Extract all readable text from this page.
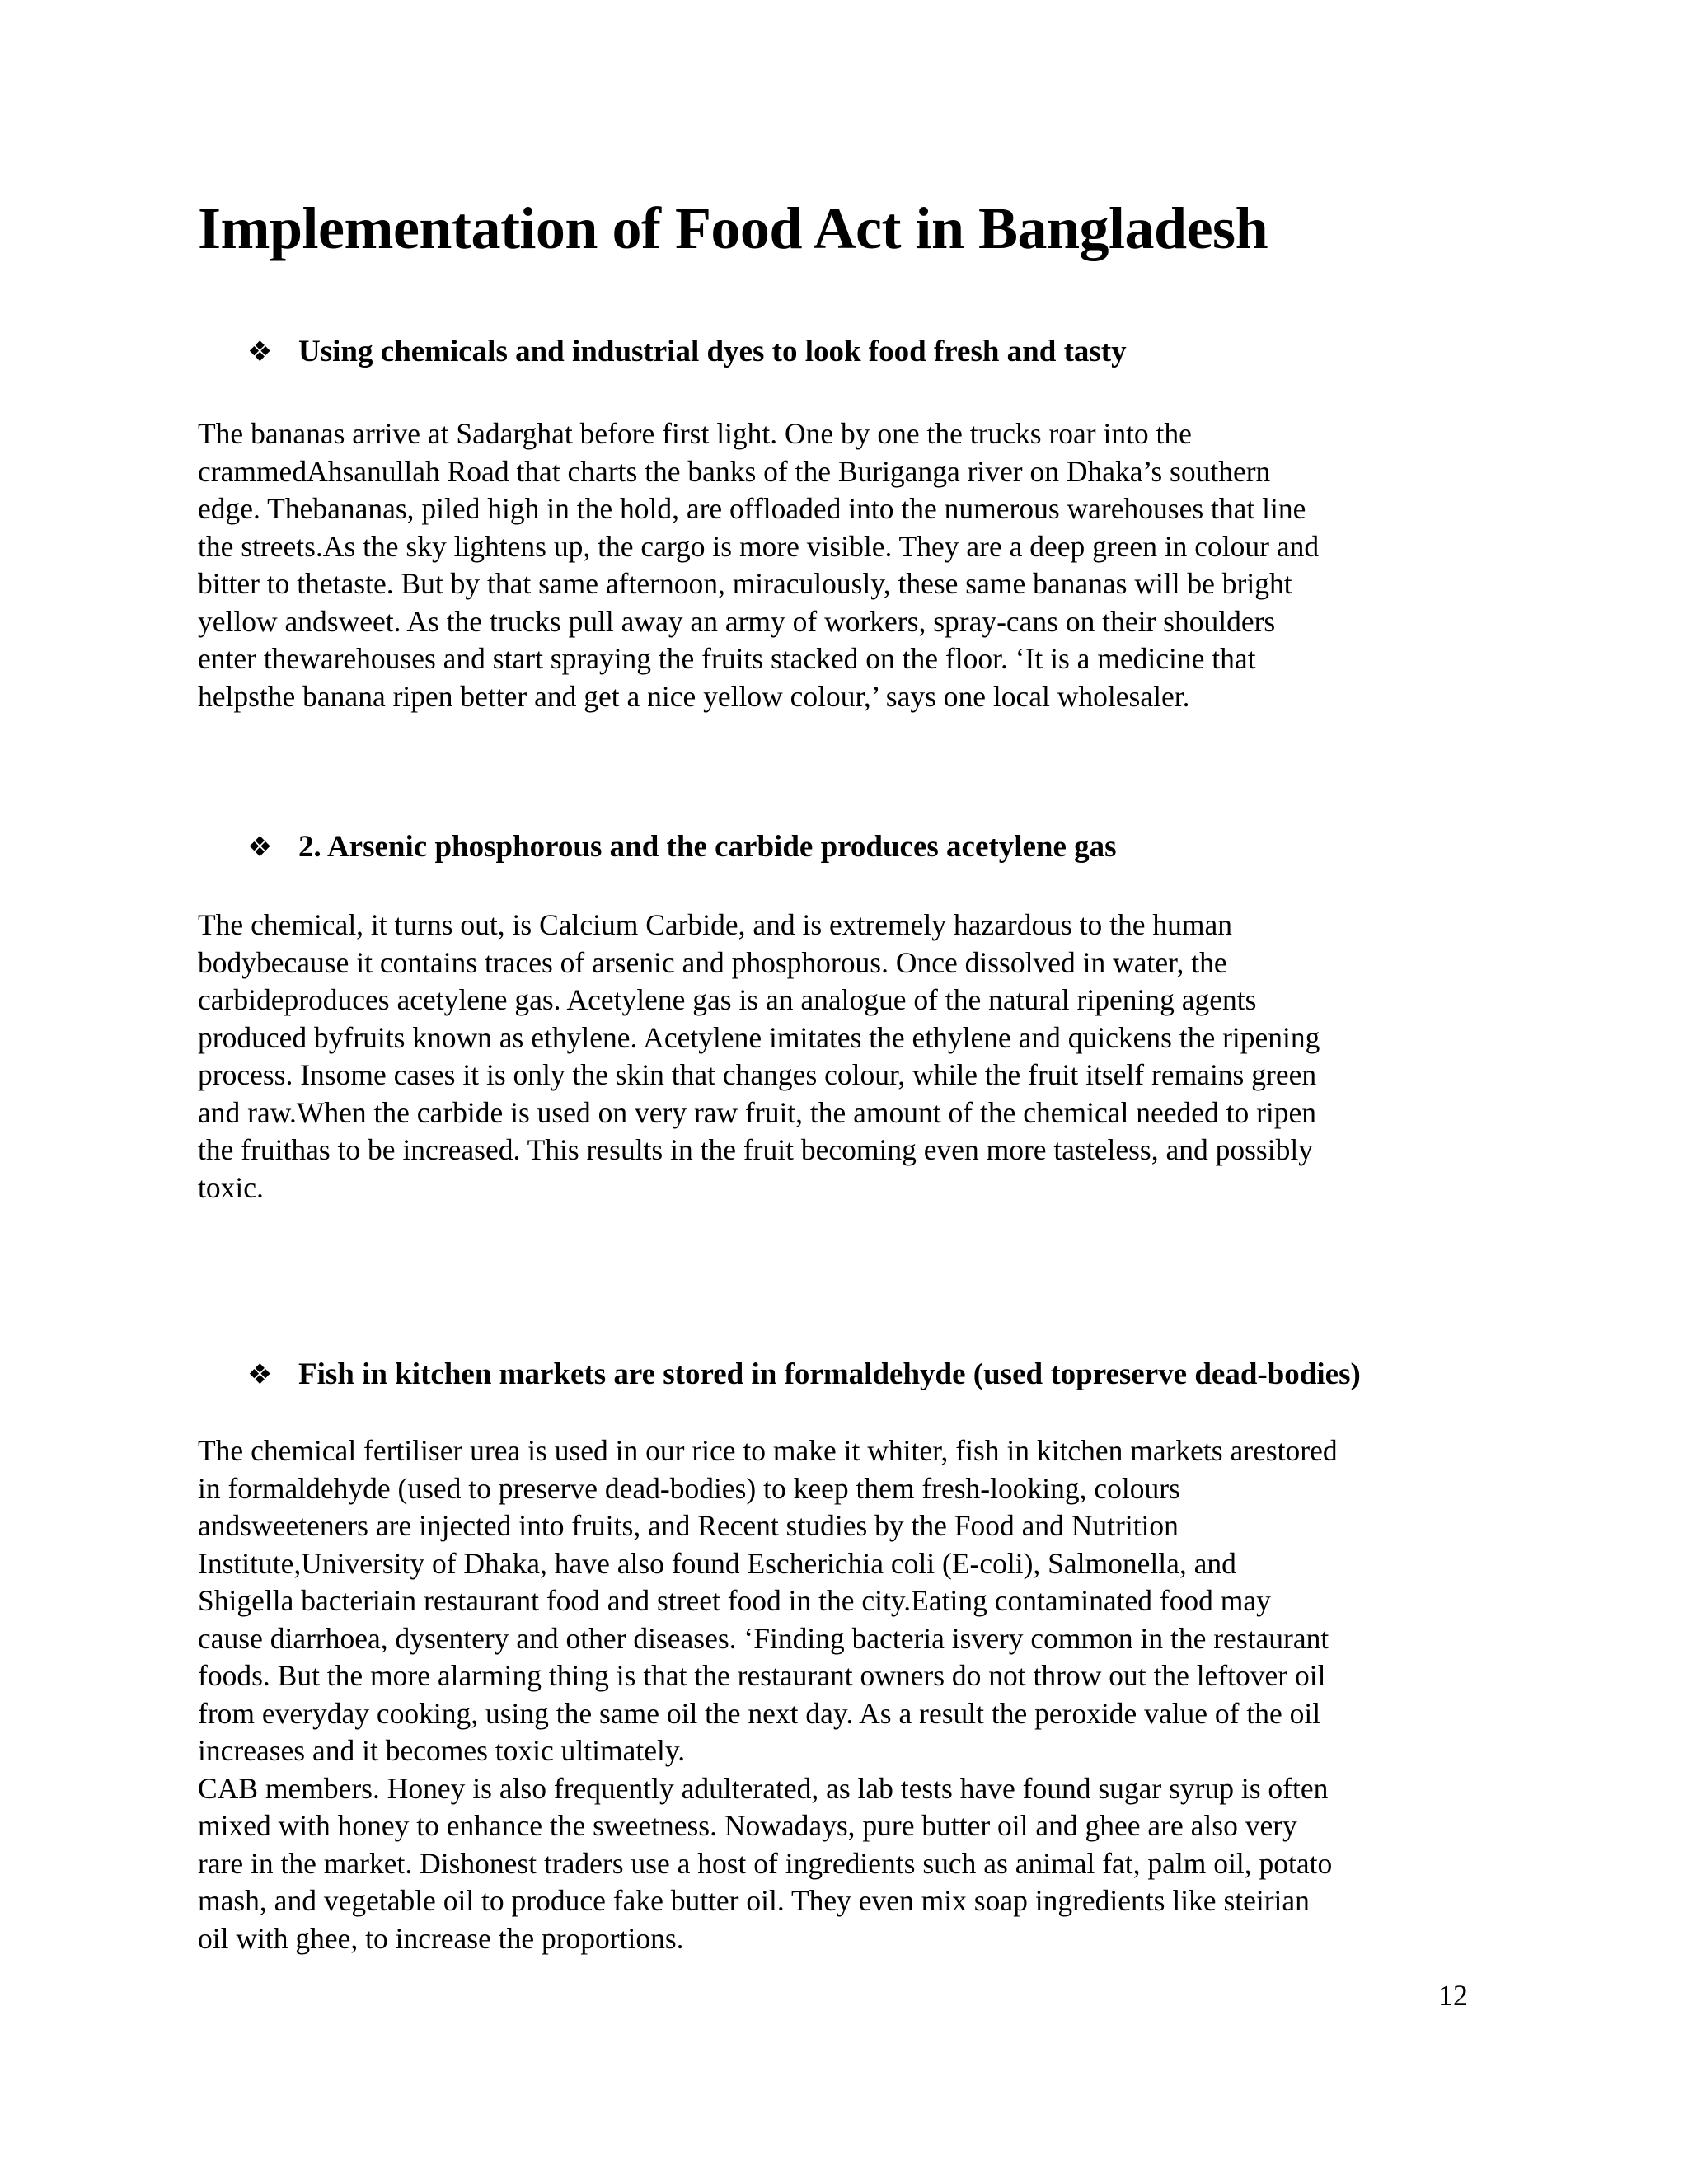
Implementation of Food Act in Bangladesh
❖ Using chemicals and industrial dyes to look food fresh and tasty
The bananas arrive at Sadarghat before first light. One by one the trucks roar into the
crammedAhsanullah Road that charts the banks of the Buriganga river on Dhaka’s southern
edge. Thebananas, piled high in the hold, are offloaded into the numerous warehouses that line
the streets.As the sky lightens up, the cargo is more visible. They are a deep green in colour and
bitter to thetaste. But by that same afternoon, miraculously, these same bananas will be bright
yellow andsweet. As the trucks pull away an army of workers, spray-cans on their shoulders
enter thewarehouses and start spraying the fruits stacked on the floor. ‘It is a medicine that
helpsthe banana ripen better and get a nice yellow colour,’ says one local wholesaler.
❖ 2. Arsenic phosphorous and the carbide produces acetylene gas
The chemical, it turns out, is Calcium Carbide, and is extremely hazardous to the human
bodybecause it contains traces of arsenic and phosphorous. Once dissolved in water, the
carbideproduces acetylene gas. Acetylene gas is an analogue of the natural ripening agents
produced byfruits known as ethylene. Acetylene imitates the ethylene and quickens the ripening
process. Insome cases it is only the skin that changes colour, while the fruit itself remains green
and raw.When the carbide is used on very raw fruit, the amount of the chemical needed to ripen
the fruithas to be increased. This results in the fruit becoming even more tasteless, and possibly
toxic.
❖ Fish in kitchen markets are stored in formaldehyde (used topreserve dead-bodies)
The chemical fertiliser urea is used in our rice to make it whiter, fish in kitchen markets arestored
in formaldehyde (used to preserve dead-bodies) to keep them fresh-looking, colours
andsweeteners are injected into fruits, and Recent studies by the Food and Nutrition
Institute,University of Dhaka, have also found Escherichia coli (E-coli), Salmonella, and
Shigella bacteriain restaurant food and street food in the city.Eating contaminated food may
cause diarrhoea, dysentery and other diseases. ‘Finding bacteria isvery common in the restaurant
foods. But the more alarming thing is that the restaurant owners do not throw out the leftover oil
from everyday cooking, using the same oil the next day. As a result the peroxide value of the oil
increases and it becomes toxic ultimately.
CAB members. Honey is also frequently adulterated, as lab tests have found sugar syrup is often
mixed with honey to enhance the sweetness. Nowadays, pure butter oil and ghee are also very
rare in the market. Dishonest traders use a host of ingredients such as animal fat, palm oil, potato
mash, and vegetable oil to produce fake butter oil. They even mix soap ingredients like steirian
oil with ghee, to increase the proportions.
12
